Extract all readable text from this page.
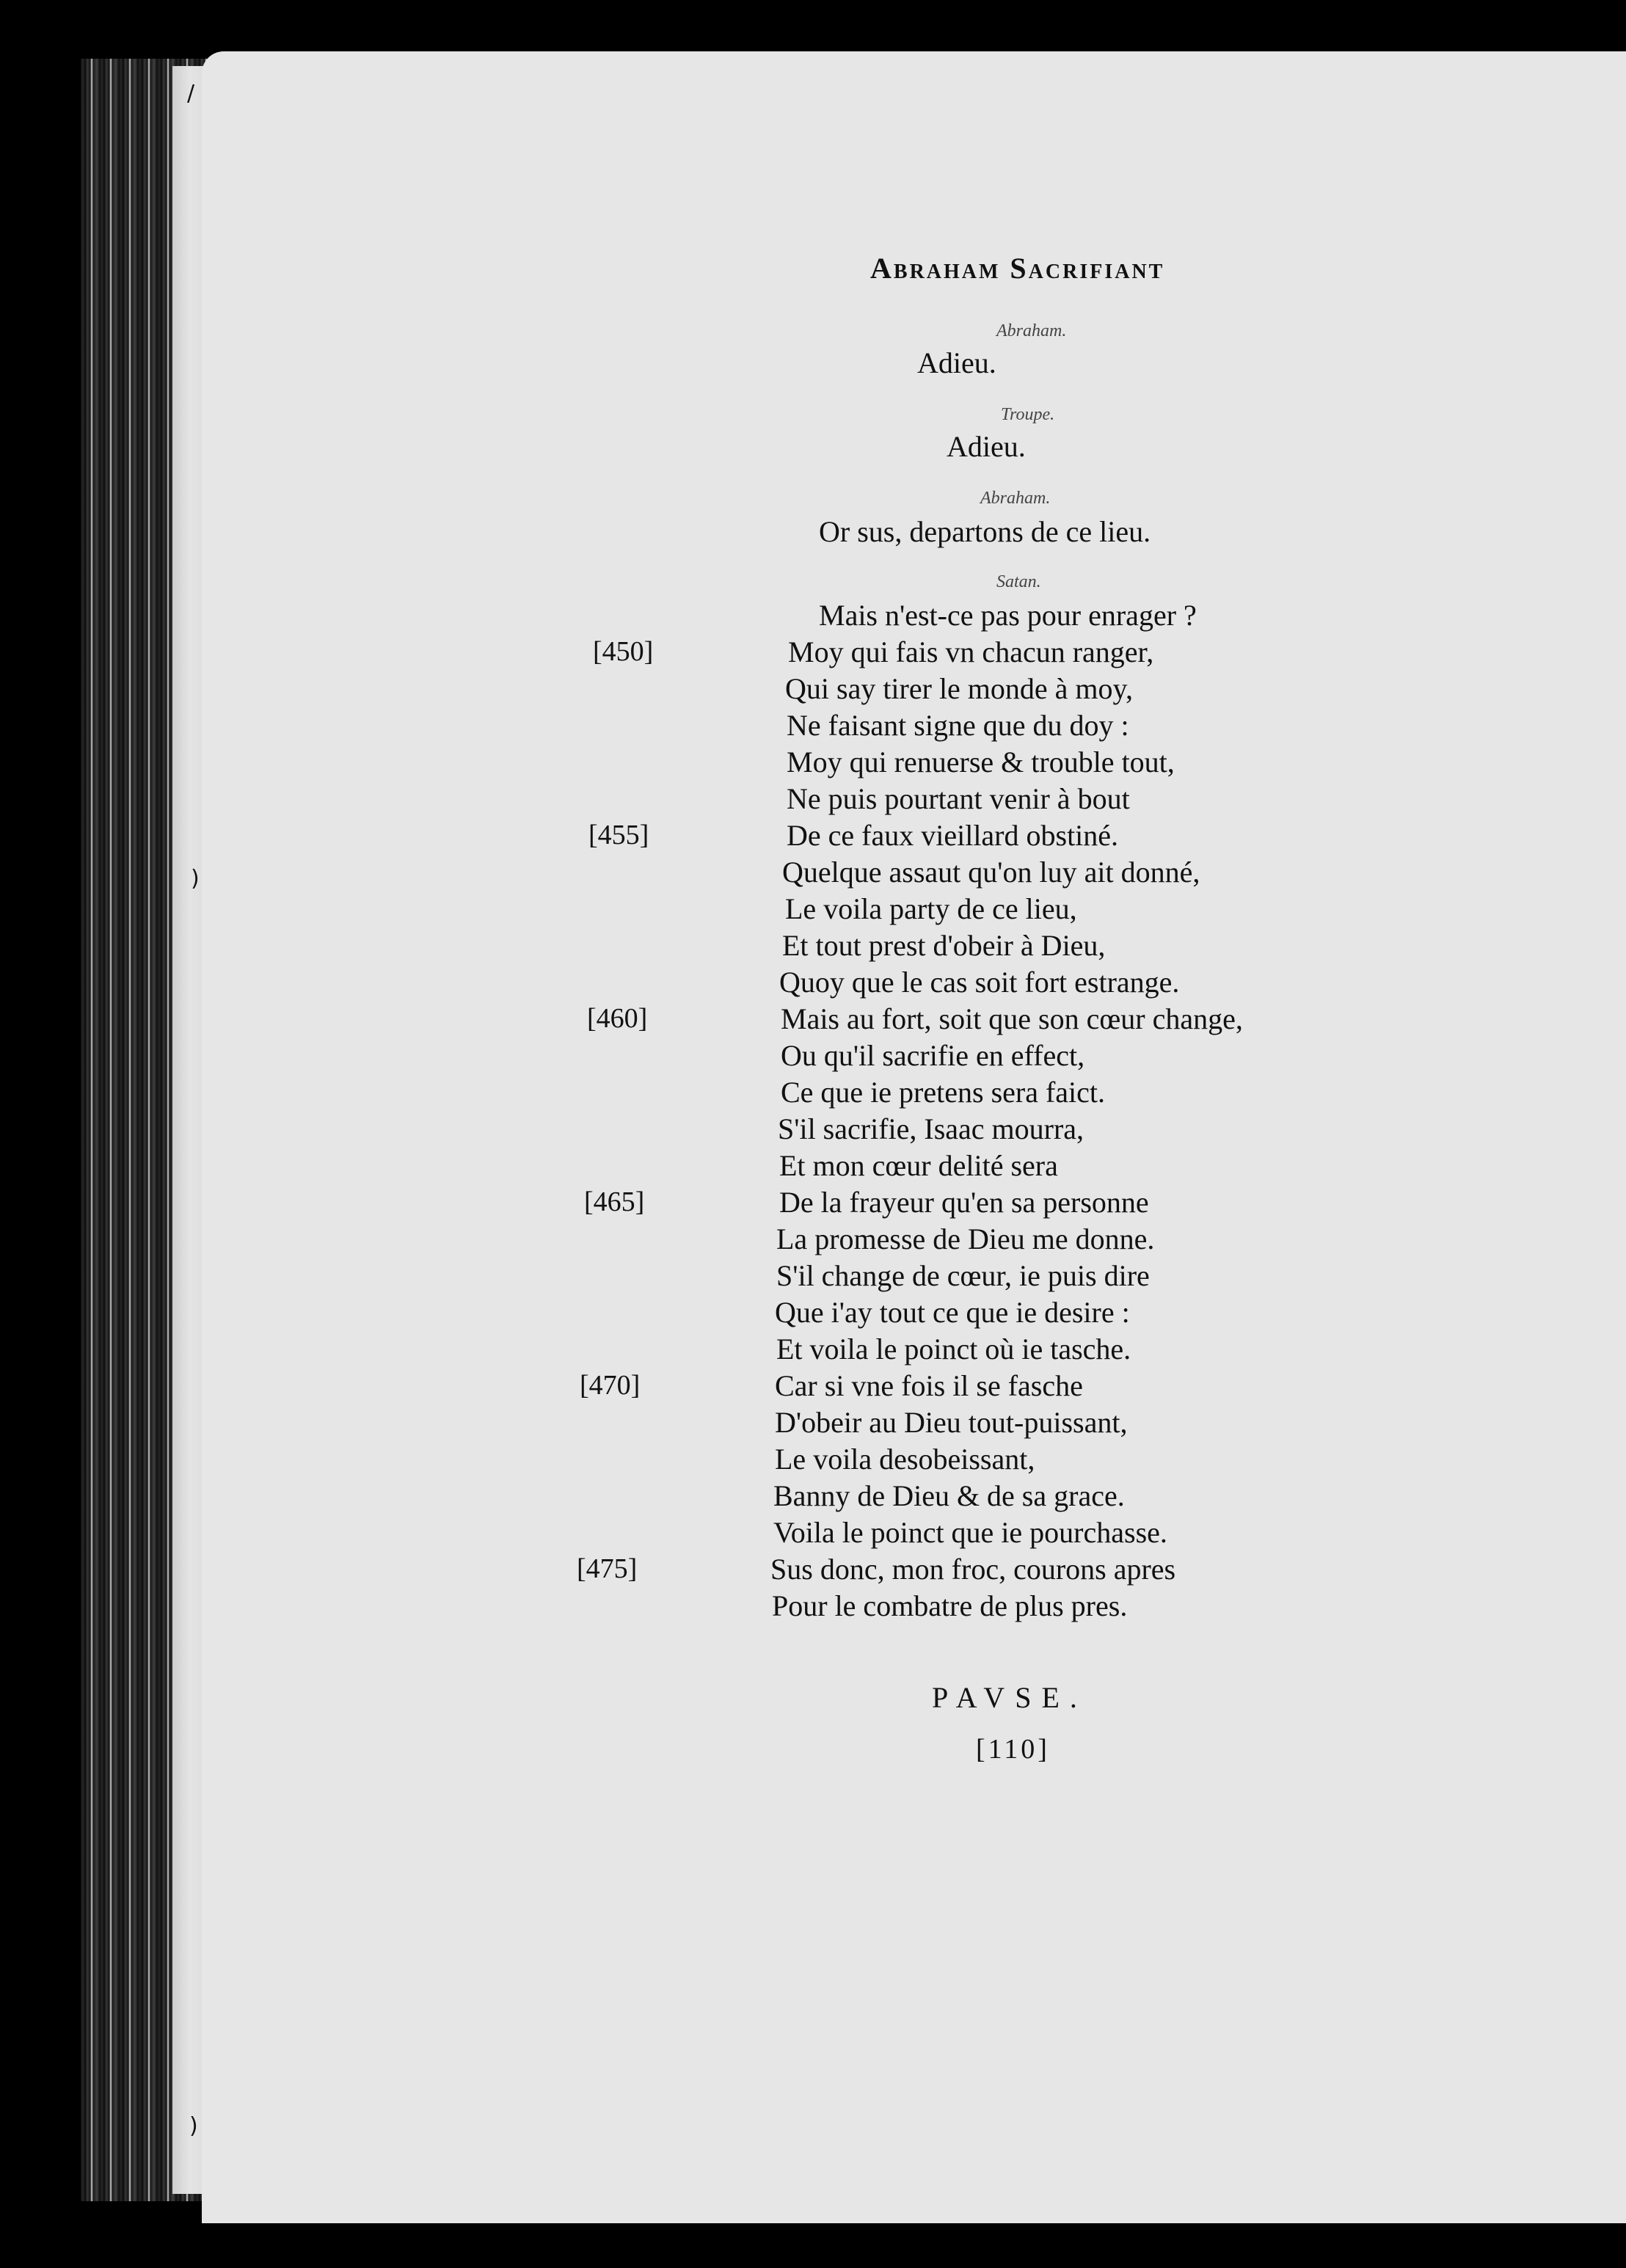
Abraham Sacrifiant
Abraham.
Adieu.
Troupe.
Adieu.
Abraham.
Or sus, departons de ce lieu.
Satan.
Mais n'est-ce pas pour enrager ?
Moy qui fais vn chacun ranger,
Qui say tirer le monde à moy,
Ne faisant signe que du doy :
Moy qui renuerse & trouble tout,
Ne puis pourtant venir à bout
De ce faux vieillard obstiné.
Quelque assaut qu'on luy ait donné,
Le voila party de ce lieu,
Et tout prest d'obeir à Dieu,
Quoy que le cas soit fort estrange.
Mais au fort, soit que son cœur change,
Ou qu'il sacrifie en effect,
Ce que ie pretens sera faict.
S'il sacrifie, Isaac mourra,
Et mon cœur delité sera
De la frayeur qu'en sa personne
La promesse de Dieu me donne.
S'il change de cœur, ie puis dire
Que i'ay tout ce que ie desire :
Et voila le poinct où ie tasche.
Car si vne fois il se fasche
D'obeir au Dieu tout-puissant,
Le voila desobeissant,
Banny de Dieu & de sa grace.
Voila le poinct que ie pourchasse.
Sus donc, mon froc, courons apres
Pour le combatre de plus pres.
[450]
[455]
[460]
[465]
[470]
[475]
PAVSE.
[110]
/
)
)
